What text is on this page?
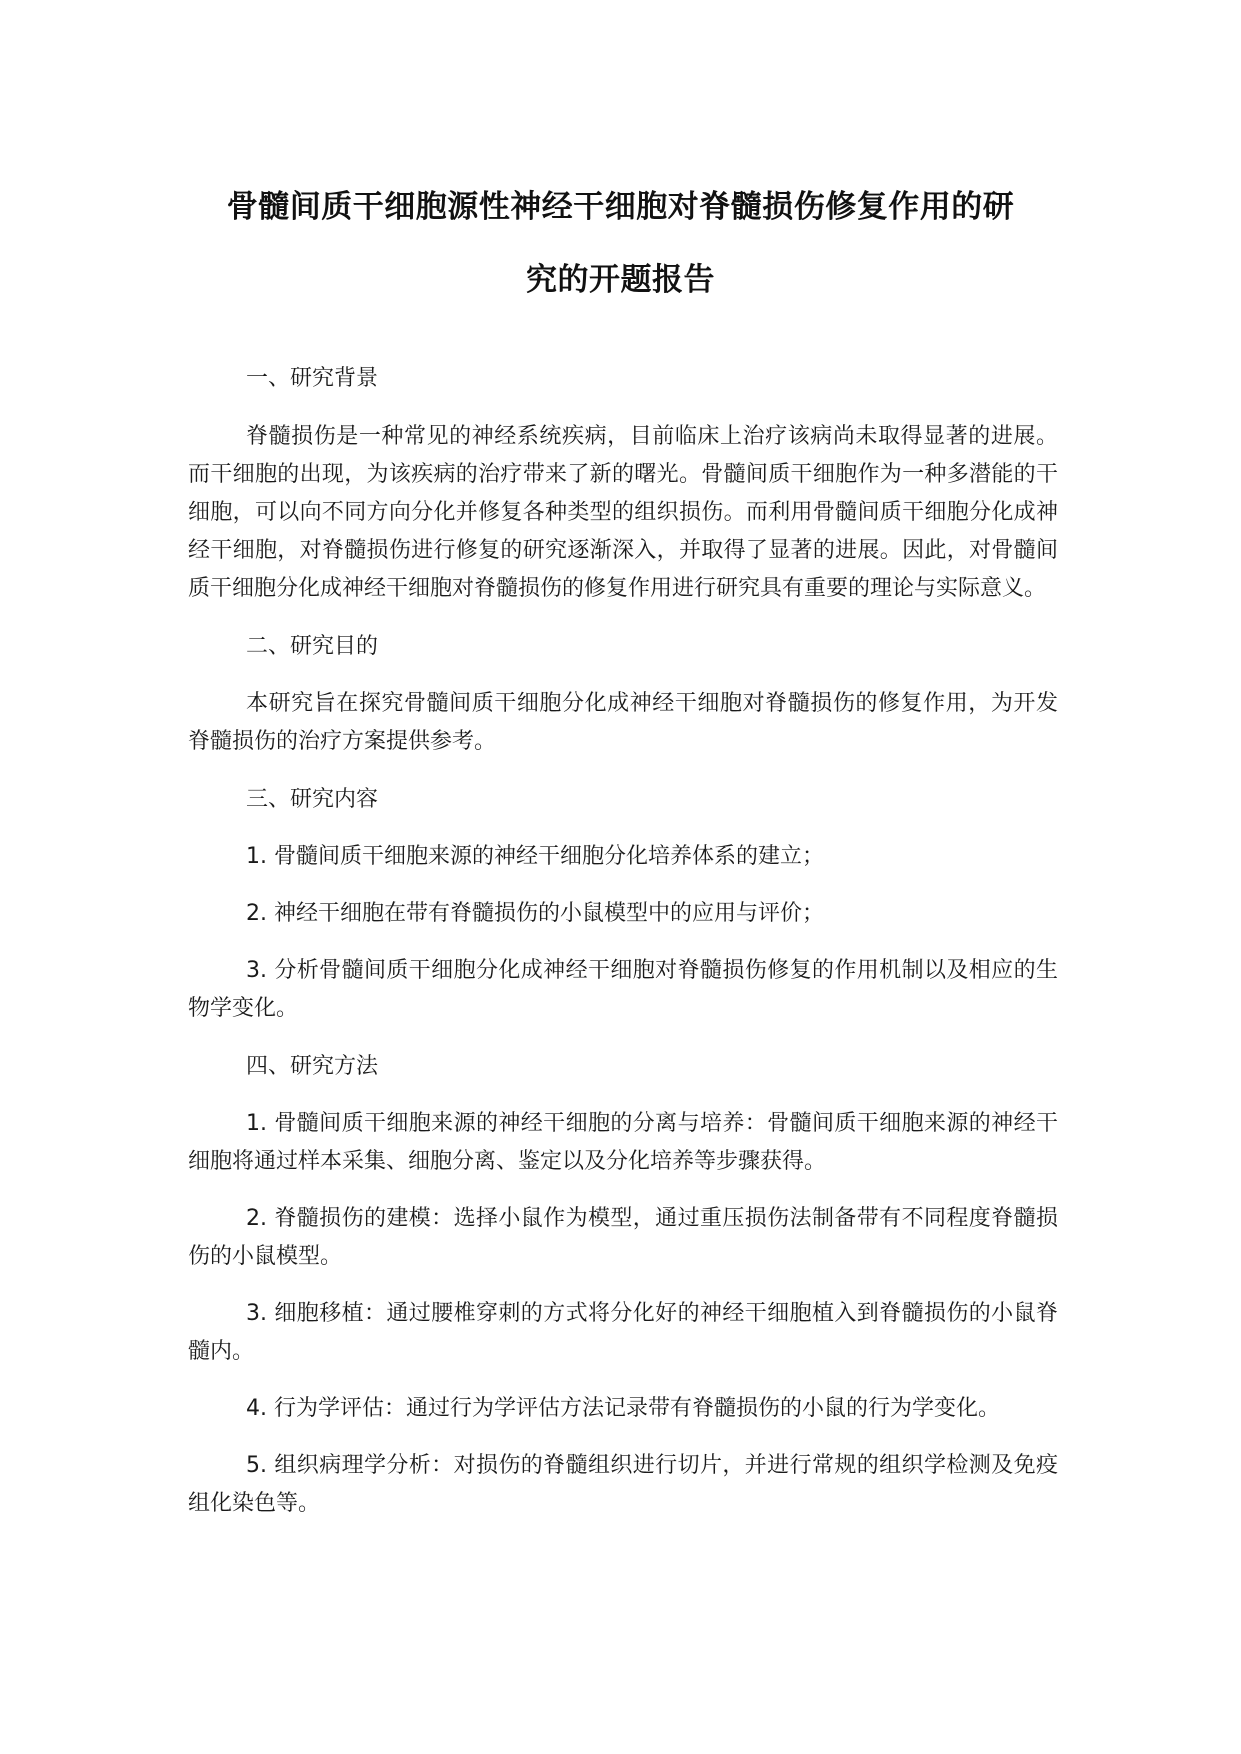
骨髓间质干细胞源性神经干细胞对脊髓损伤修复作用的研
究的开题报告

一、研究背景

脊髓损伤是一种常见的神经系统疾病，目前临床上治疗该病尚未取得显著的进展。而干细胞的出现，为该疾病的治疗带来了新的曙光。骨髓间质干细胞作为一种多潜能的干细胞，可以向不同方向分化并修复各种类型的组织损伤。而利用骨髓间质干细胞分化成神经干细胞，对脊髓损伤进行修复的研究逐渐深入，并取得了显著的进展。因此，对骨髓间质干细胞分化成神经干细胞对脊髓损伤的修复作用进行研究具有重要的理论与实际意义。

二、研究目的

本研究旨在探究骨髓间质干细胞分化成神经干细胞对脊髓损伤的修复作用，为开发脊髓损伤的治疗方案提供参考。

三、研究内容

1. 骨髓间质干细胞来源的神经干细胞分化培养体系的建立；

2. 神经干细胞在带有脊髓损伤的小鼠模型中的应用与评价；

3. 分析骨髓间质干细胞分化成神经干细胞对脊髓损伤修复的作用机制以及相应的生物学变化。

四、研究方法

1. 骨髓间质干细胞来源的神经干细胞的分离与培养：骨髓间质干细胞来源的神经干细胞将通过样本采集、细胞分离、鉴定以及分化培养等步骤获得。

2. 脊髓损伤的建模：选择小鼠作为模型，通过重压损伤法制备带有不同程度脊髓损伤的小鼠模型。

3. 细胞移植：通过腰椎穿刺的方式将分化好的神经干细胞植入到脊髓损伤的小鼠脊髓内。

4. 行为学评估：通过行为学评估方法记录带有脊髓损伤的小鼠的行为学变化。

5. 组织病理学分析：对损伤的脊髓组织进行切片，并进行常规的组织学检测及免疫组化染色等。
